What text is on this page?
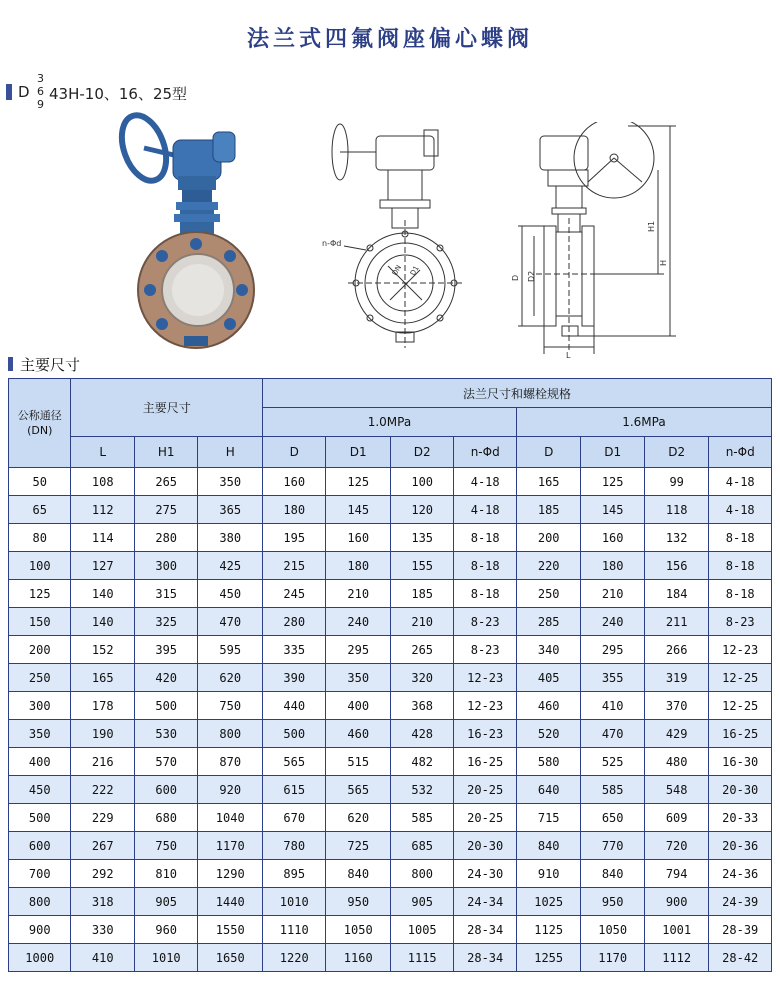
法兰式四氟阀座偏心蝶阀
D
3
6
9
43H-10、16、25型
n-Φd
D1
DN
H1
H
D D2
L
主要尺寸
公称通径
(DN)	主要尺寸			法兰尺寸和螺栓规格							
				1.0MPa				1.6MPa			
	L	H1	H	D	D1	D2	n-Φd	D	D1	D2	n-Φd
50	108	265	350	160	125	100	4-18	165	125	99	4-18
65	112	275	365	180	145	120	4-18	185	145	118	4-18
80	114	280	380	195	160	135	8-18	200	160	132	8-18
100	127	300	425	215	180	155	8-18	220	180	156	8-18
125	140	315	450	245	210	185	8-18	250	210	184	8-18
150	140	325	470	280	240	210	8-23	285	240	211	8-23
200	152	395	595	335	295	265	8-23	340	295	266	12-23
250	165	420	620	390	350	320	12-23	405	355	319	12-25
300	178	500	750	440	400	368	12-23	460	410	370	12-25
350	190	530	800	500	460	428	16-23	520	470	429	16-25
400	216	570	870	565	515	482	16-25	580	525	480	16-30
450	222	600	920	615	565	532	20-25	640	585	548	20-30
500	229	680	1040	670	620	585	20-25	715	650	609	20-33
600	267	750	1170	780	725	685	20-30	840	770	720	20-36
700	292	810	1290	895	840	800	24-30	910	840	794	24-36
800	318	905	1440	1010	950	905	24-34	1025	950	900	24-39
900	330	960	1550	1110	1050	1005	28-34	1125	1050	1001	28-39
1000	410	1010	1650	1220	1160	1115	28-34	1255	1170	1112	28-42
